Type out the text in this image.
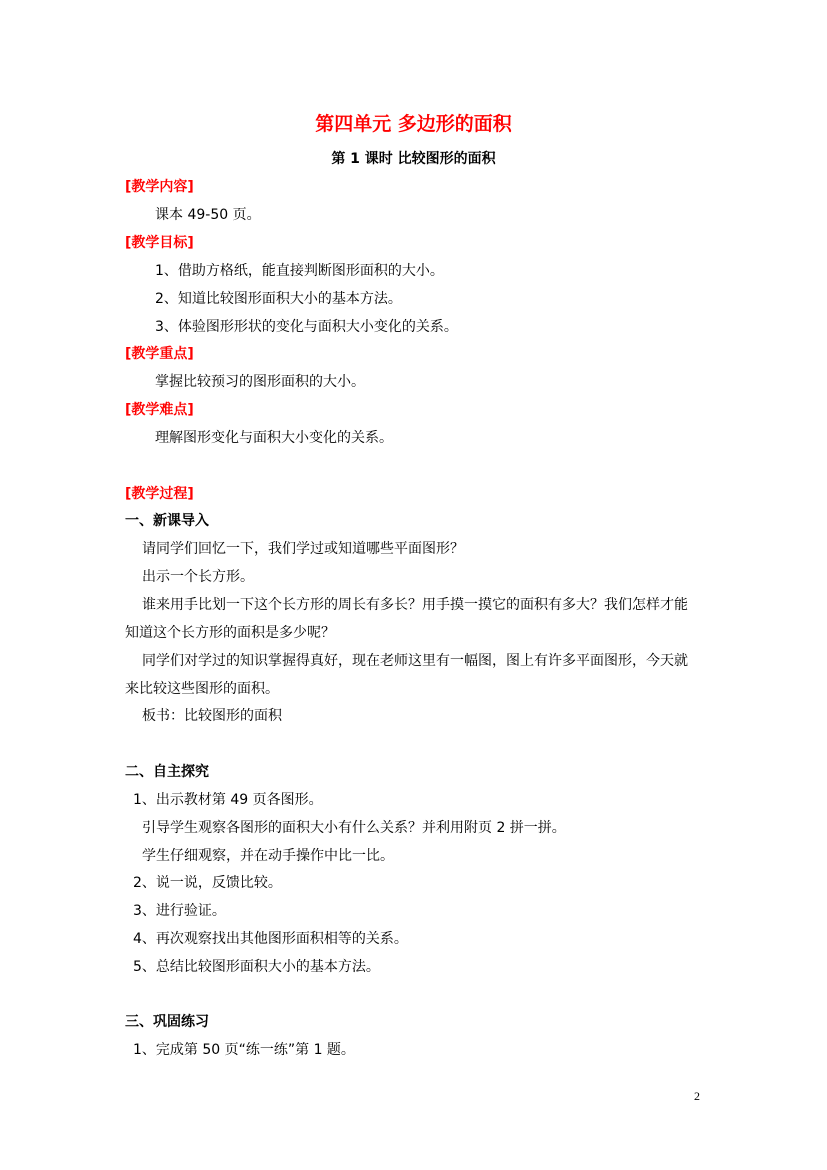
第四单元 多边形的面积
第 1 课时 比较图形的面积
[教学内容]
课本 49-50 页。
[教学目标]
1、借助方格纸，能直接判断图形面积的大小。
2、知道比较图形面积大小的基本方法。
3、体验图形形状的变化与面积大小变化的关系。
[教学重点]
掌握比较预习的图形面积的大小。
[教学难点]
理解图形变化与面积大小变化的关系。
[教学过程]
一、新课导入
请同学们回忆一下，我们学过或知道哪些平面图形？
出示一个长方形。
谁来用手比划一下这个长方形的周长有多长？用手摸一摸它的面积有多大？我们怎样才能
知道这个长方形的面积是多少呢？
同学们对学过的知识掌握得真好，现在老师这里有一幅图，图上有许多平面图形，今天就
来比较这些图形的面积。
板书：比较图形的面积
二、自主探究
1、出示教材第 49 页各图形。
引导学生观察各图形的面积大小有什么关系？并利用附页 2 拼一拼。
学生仔细观察，并在动手操作中比一比。
2、说一说，反馈比较。
3、进行验证。
4、再次观察找出其他图形面积相等的关系。
5、总结比较图形面积大小的基本方法。
三、巩固练习
1、完成第 50 页“练一练”第 1 题。
2
